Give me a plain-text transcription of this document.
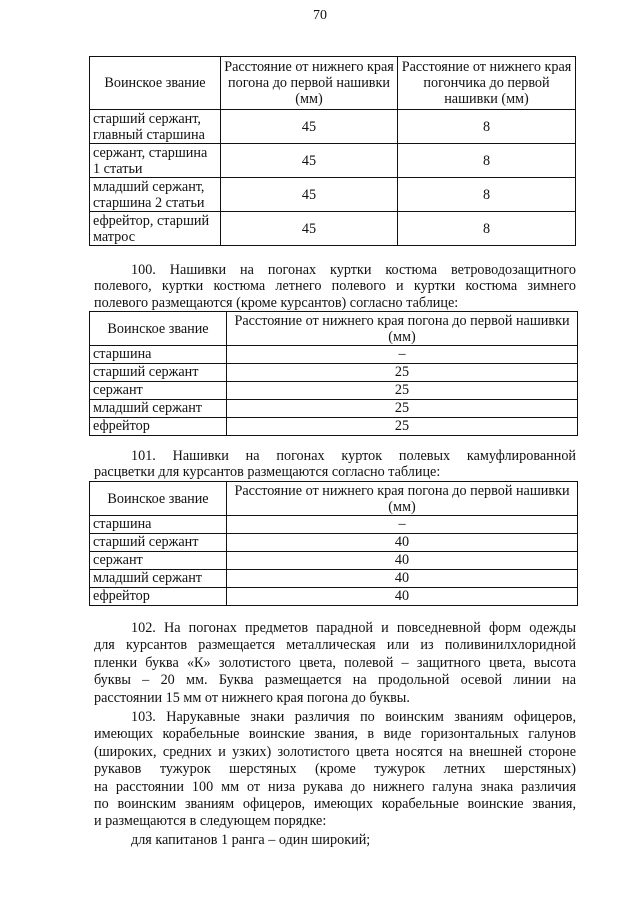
70
Воинское звание	Расстояние от нижнего края погона до первой нашивки (мм)	Расстояние от нижнего края погончика до первой нашивки (мм)
старший сержант, главный старшина	45	8
сержант, старшина 1 статьи	45	8
младший сержант, старшина 2 статьи	45	8
ефрейтор, старший матрос	45	8
100. Нашивки на погонах куртки костюма ветроводозащитного
полевого, куртки костюма летнего полевого и куртки костюма зимнего
полевого размещаются (кроме курсантов) согласно таблице:
Воинское звание	Расстояние от нижнего края погона до первой нашивки (мм)
старшина	–
старший сержант	25
сержант	25
младший сержант	25
ефрейтор	25
101. Нашивки на погонах курток полевых камуфлированной
расцветки для курсантов размещаются согласно таблице:
Воинское звание	Расстояние от нижнего края погона до первой нашивки (мм)
старшина	–
старший сержант	40
сержант	40
младший сержант	40
ефрейтор	40
102. На погонах предметов парадной и повседневной форм одежды
для курсантов размещается металлическая или из поливинилхлоридной
пленки буква «К» золотистого цвета, полевой – защитного цвета, высота
буквы – 20 мм. Буква размещается на продольной осевой линии на
расстоянии 15 мм от нижнего края погона до буквы.
103. Нарукавные знаки различия по воинским званиям офицеров,
имеющих корабельные воинские звания, в виде горизонтальных галунов
(широких, средних и узких) золотистого цвета носятся на внешней стороне
рукавов тужурок шерстяных (кроме тужурок летних шерстяных)
на расстоянии 100 мм от низа рукава до нижнего галуна знака различия
по воинским званиям офицеров, имеющих корабельные воинские звания,
и размещаются в следующем порядке:
для капитанов 1 ранга – один широкий;
